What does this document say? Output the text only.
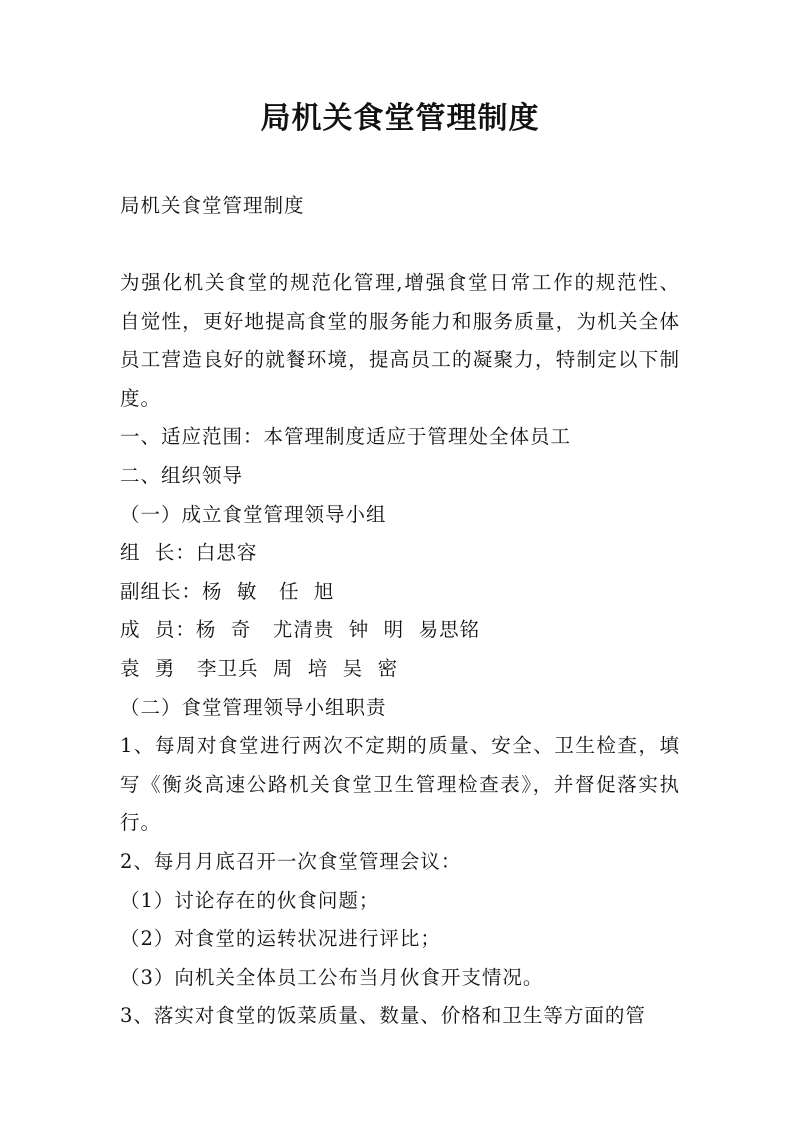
局机关食堂管理制度

局机关食堂管理制度

为强化机关食堂的规范化管理,增强食堂日常工作的规范性、自觉性，更好地提高食堂的服务能力和服务质量，为机关全体员工营造良好的就餐环境，提高员工的凝聚力，特制定以下制度。

一、适应范围：本管理制度适应于管理处全体员工

二、组织领导

（一）成立食堂管理领导小组

组  长：白思容

副组长：杨  敏   任  旭

成  员：杨  奇   尤清贵  钟  明  易思铭

袁  勇   李卫兵  周  培  吴  密

（二）食堂管理领导小组职责

1、每周对食堂进行两次不定期的质量、安全、卫生检查，填写《衡炎高速公路机关食堂卫生管理检查表》，并督促落实执行。

2、每月月底召开一次食堂管理会议：

（1）讨论存在的伙食问题；

（2）对食堂的运转状况进行评比；

（3）向机关全体员工公布当月伙食开支情况。

3、落实对食堂的饭菜质量、数量、价格和卫生等方面的管
